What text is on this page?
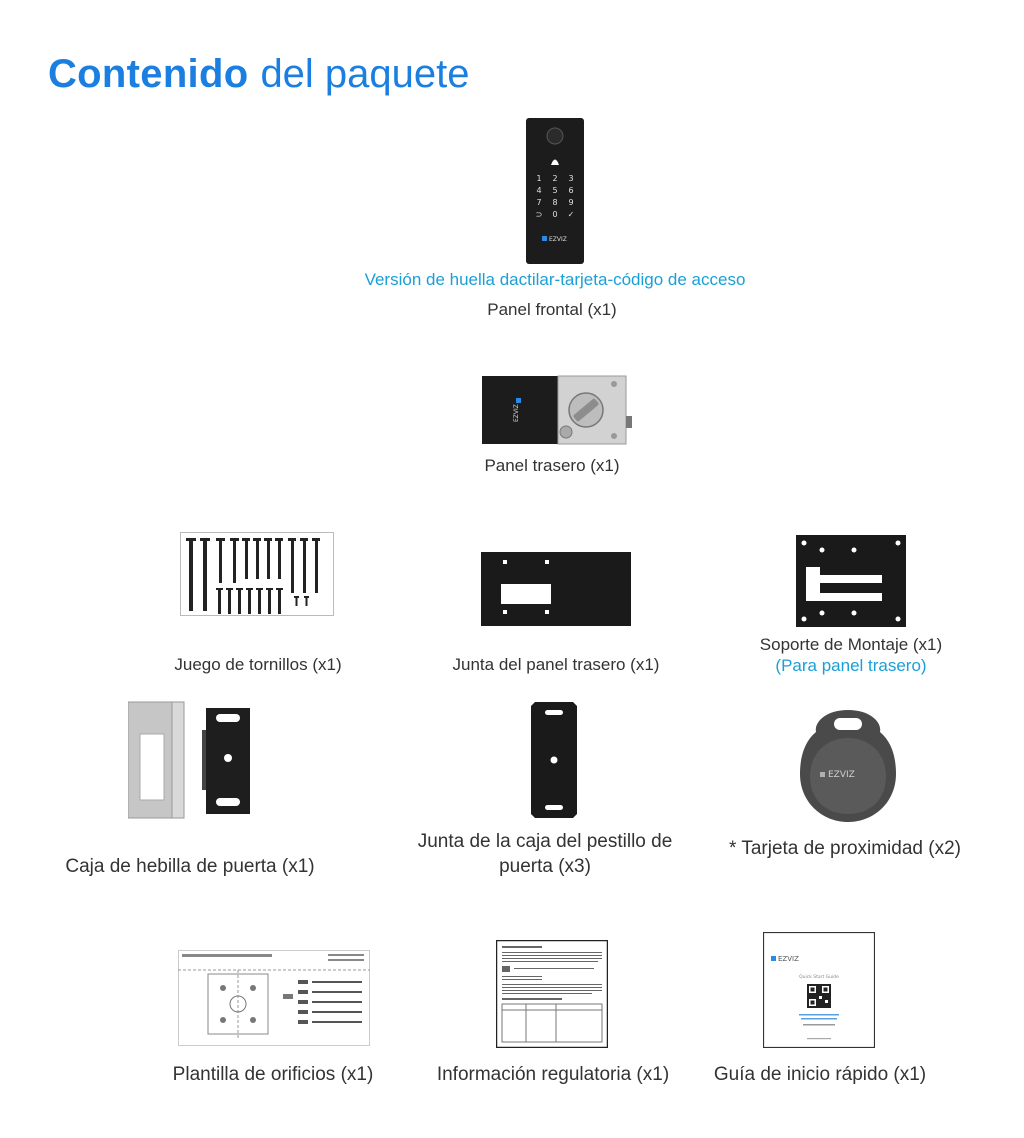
Contenido del paquete
1 2 3
4 5 6
7 8 9
⊃ 0 ✓
EZVIZ
Versión de huella dactilar-tarjeta-código de acceso
Panel frontal (x1)
EZVIZ
Panel trasero (x1)
Juego de tornillos (x1)	Junta del panel trasero (x1)
Soporte de Montaje (x1)
(Para panel trasero)
Caja de hebilla de puerta (x1)
Junta de la caja del pestillo de
puerta (x3)
EZVIZ
* Tarjeta de proximidad (x2)
Plantilla de orificios (x1)	Información regulatoria (x1)
EZVIZ
Quick Start Guide
Guía de inicio rápido (x1)
